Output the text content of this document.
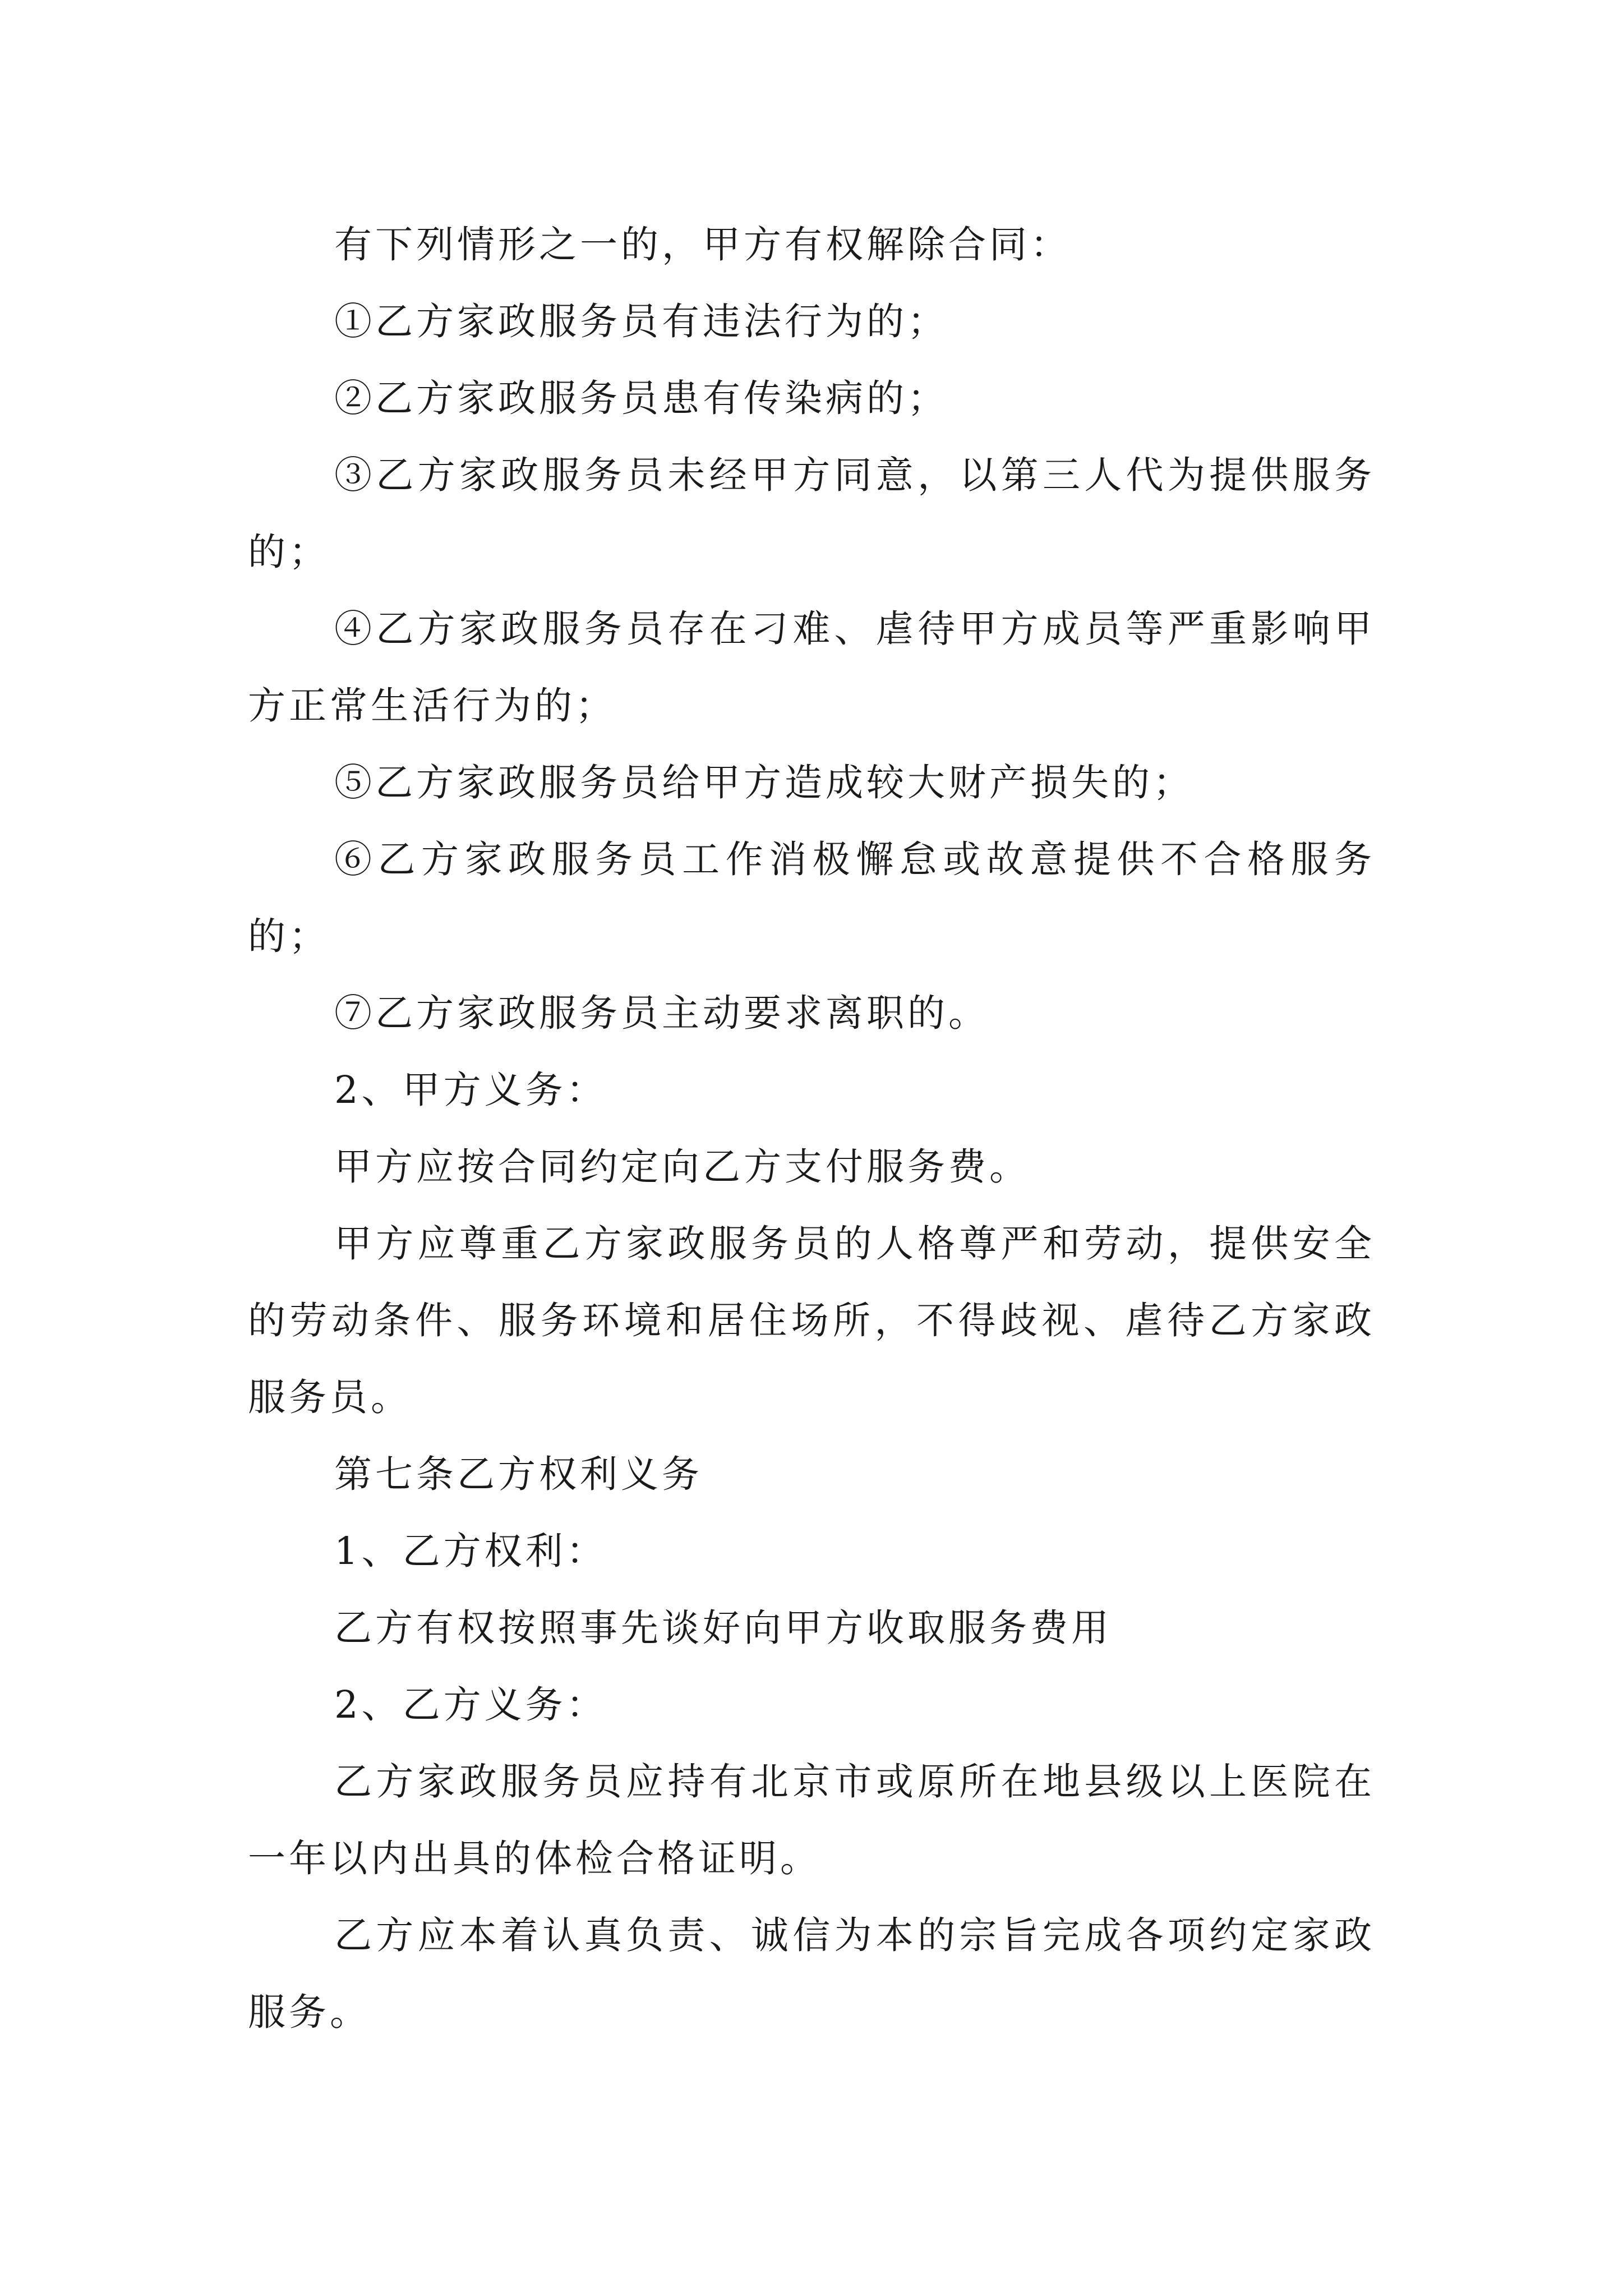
有下列情形之一的，甲方有权解除合同：

①乙方家政服务员有违法行为的；

②乙方家政服务员患有传染病的；

③乙方家政服务员未经甲方同意，以第三人代为提供服务的；

④乙方家政服务员存在刁难、虐待甲方成员等严重影响甲方正常生活行为的；

⑤乙方家政服务员给甲方造成较大财产损失的；

⑥乙方家政服务员工作消极懈怠或故意提供不合格服务的；

⑦乙方家政服务员主动要求离职的。

2、甲方义务：

甲方应按合同约定向乙方支付服务费。

甲方应尊重乙方家政服务员的人格尊严和劳动，提供安全的劳动条件、服务环境和居住场所，不得歧视、虐待乙方家政服务员。

第七条乙方权利义务

1、乙方权利：

乙方有权按照事先谈好向甲方收取服务费用

2、乙方义务：

乙方家政服务员应持有北京市或原所在地县级以上医院在一年以内出具的体检合格证明。

乙方应本着认真负责、诚信为本的宗旨完成各项约定家政服务。
